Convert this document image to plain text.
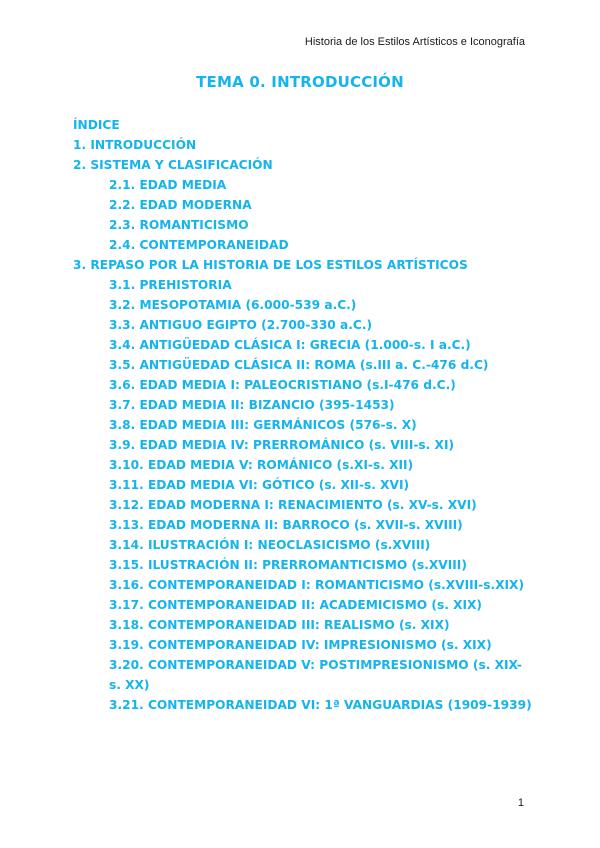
Historia de los Estilos Artísticos e Iconografía
TEMA 0. INTRODUCCIÓN
ÍNDICE
1. INTRODUCCIÓN
2. SISTEMA Y CLASIFICACIÓN
2.1. EDAD MEDIA
2.2. EDAD MODERNA
2.3. ROMANTICISMO
2.4. CONTEMPORANEIDAD
3. REPASO POR LA HISTORIA DE LOS ESTILOS ARTÍSTICOS
3.1. PREHISTORIA
3.2. MESOPOTAMIA (6.000-539 a.C.)
3.3. ANTIGUO EGIPTO (2.700-330 a.C.)
3.4. ANTIGÜEDAD CLÁSICA I: GRECIA (1.000-s. I a.C.)
3.5. ANTIGÜEDAD CLÁSICA II: ROMA (s.III a. C.-476 d.C)
3.6. EDAD MEDIA I: PALEOCRISTIANO (s.I-476 d.C.)
3.7. EDAD MEDIA II: BIZANCIO (395-1453)
3.8. EDAD MEDIA III: GERMÁNICOS (576-s. X)
3.9. EDAD MEDIA IV: PRERROMÁNICO (s. VIII-s. XI)
3.10. EDAD MEDIA V: ROMÁNICO (s.XI-s. XII)
3.11. EDAD MEDIA VI: GÓTICO (s. XII-s. XVI)
3.12. EDAD MODERNA I: RENACIMIENTO (s. XV-s. XVI)
3.13. EDAD MODERNA II: BARROCO (s. XVII-s. XVIII)
3.14. ILUSTRACIÓN I: NEOCLASICISMO (s.XVIII)
3.15. ILUSTRACIÓN II: PRERROMANTICISMO (s.XVIII)
3.16. CONTEMPORANEIDAD I: ROMANTICISMO (s.XVIII-s.XIX)
3.17. CONTEMPORANEIDAD II: ACADEMICISMO (s. XIX)
3.18. CONTEMPORANEIDAD III: REALISMO (s. XIX)
3.19. CONTEMPORANEIDAD IV: IMPRESIONISMO (s. XIX)
3.20. CONTEMPORANEIDAD V: POSTIMPRESIONISMO (s. XIX-s. XX)
3.21. CONTEMPORANEIDAD VI: 1ª VANGUARDIAS (1909-1939)
1
